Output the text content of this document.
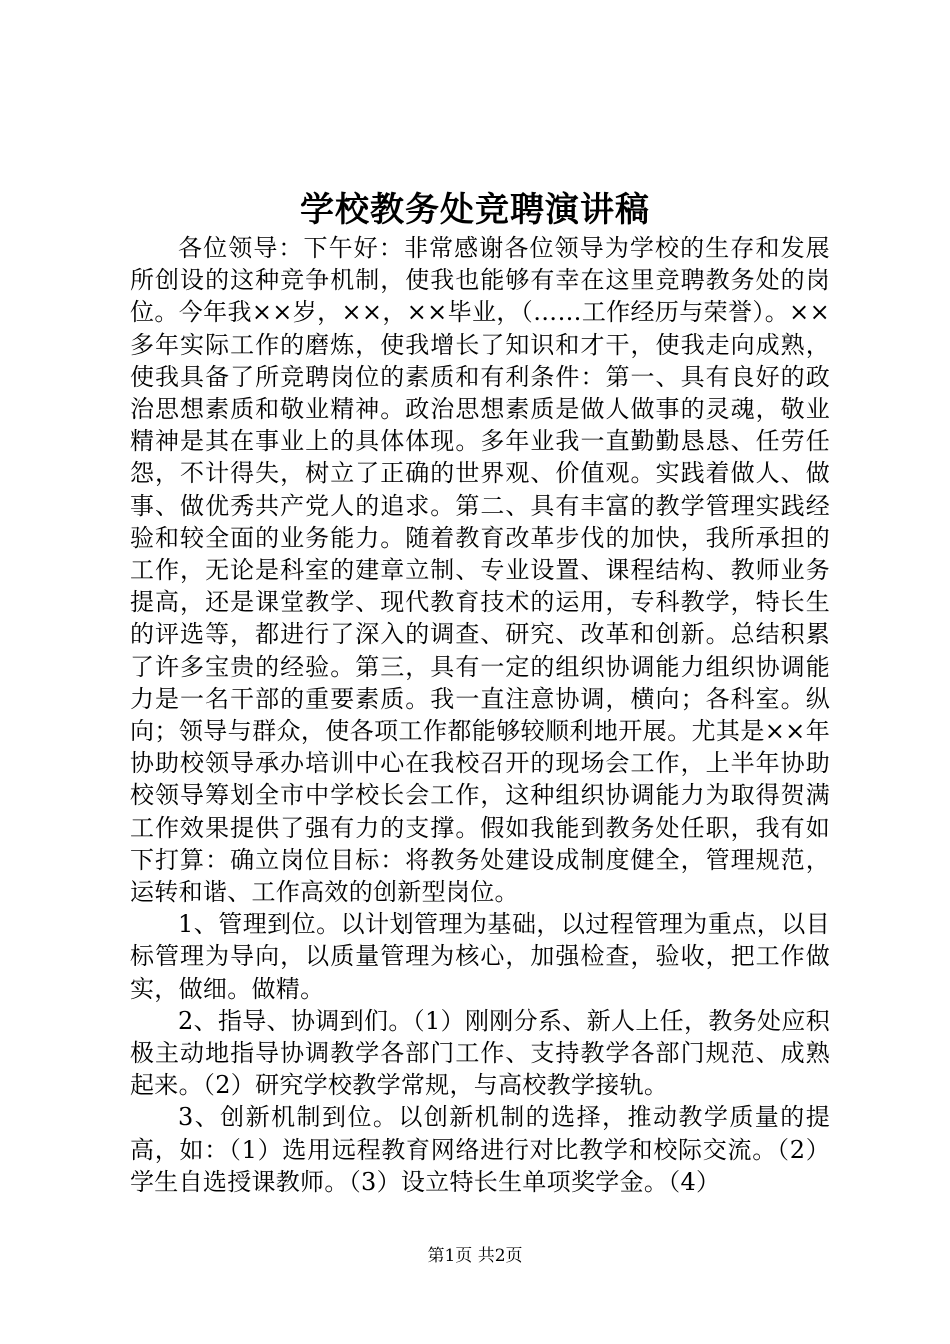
学校教务处竞聘演讲稿

各位领导：下午好：非常感谢各位领导为学校的生存和发展所创设的这种竞争机制，使我也能够有幸在这里竞聘教务处的岗位。今年我××岁，××，××毕业，（……工作经历与荣誉）。××多年实际工作的磨炼，使我增长了知识和才干，使我走向成熟，使我具备了所竞聘岗位的素质和有利条件：第一、具有良好的政治思想素质和敬业精神。政治思想素质是做人做事的灵魂，敬业精神是其在事业上的具体体现。多年业我一直勤勤恳恳、任劳任怨，不计得失，树立了正确的世界观、价值观。实践着做人、做事、做优秀共产党人的追求。第二、具有丰富的教学管理实践经验和较全面的业务能力。随着教育改革步伐的加快，我所承担的工作，无论是科室的建章立制、专业设置、课程结构、教师业务提高，还是课堂教学、现代教育技术的运用，专科教学，特长生的评选等，都进行了深入的调查、研究、改革和创新。总结积累了许多宝贵的经验。第三，具有一定的组织协调能力组织协调能力是一名干部的重要素质。我一直注意协调，横向；各科室。纵向；领导与群众，使各项工作都能够较顺利地开展。尤其是××年协助校领导承办培训中心在我校召开的现场会工作，上半年协助校领导筹划全市中学校长会工作，这种组织协调能力为取得贺满工作效果提供了强有力的支撑。假如我能到教务处任职，我有如下打算：确立岗位目标：将教务处建设成制度健全，管理规范，运转和谐、工作高效的创新型岗位。

1、管理到位。以计划管理为基础，以过程管理为重点，以目标管理为导向，以质量管理为核心，加强检查，验收，把工作做实，做细。做精。

2、指导、协调到们。（1）刚刚分系、新人上任，教务处应积极主动地指导协调教学各部门工作、支持教学各部门规范、成熟起来。（2）研究学校教学常规，与高校教学接轨。

3、创新机制到位。以创新机制的选择，推动教学质量的提高，如：（1）选用远程教育网络进行对比教学和校际交流。（2）学生自选授课教师。（3）设立特长生单项奖学金。（4）

第1页 共2页
